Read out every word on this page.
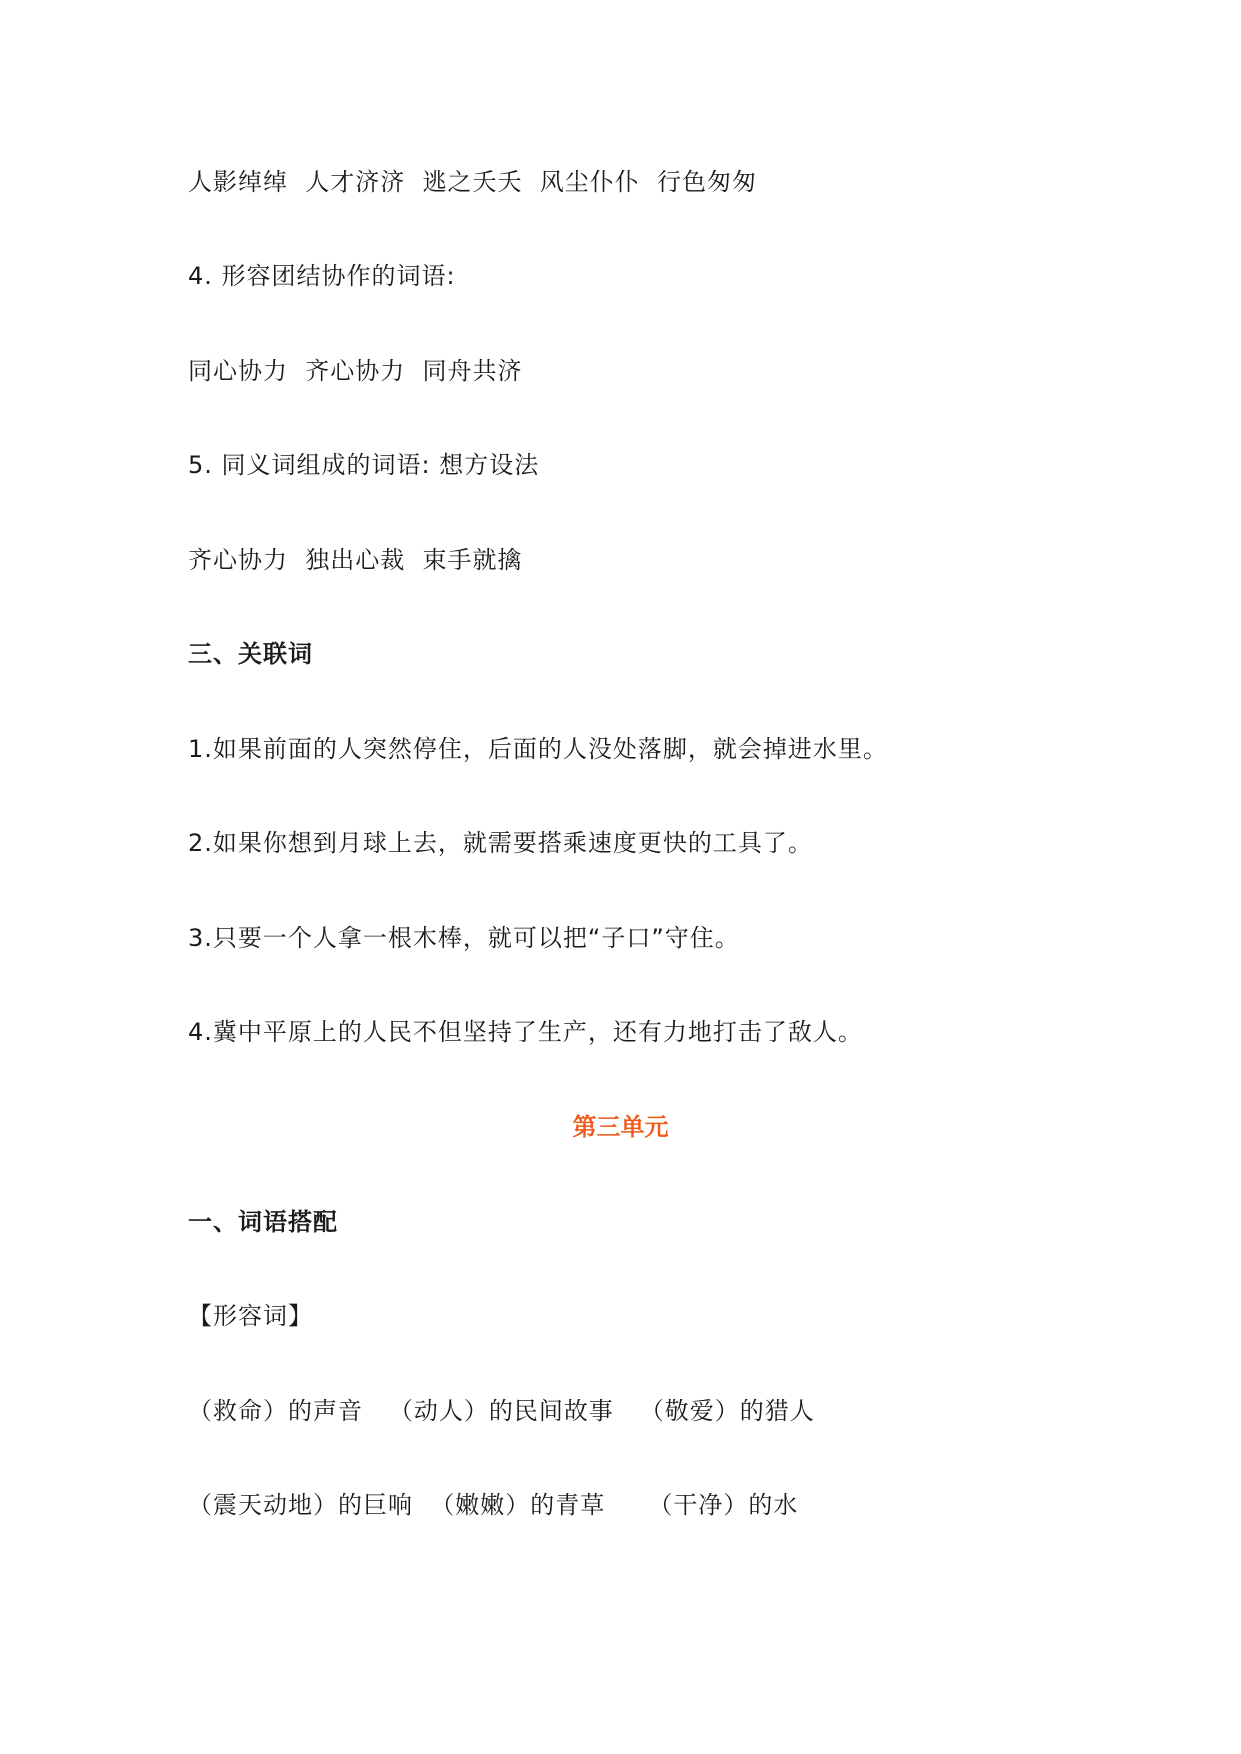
人影绰绰  人才济济  逃之夭夭  风尘仆仆  行色匆匆
4. 形容团结协作的词语:
同心协力  齐心协力  同舟共济
5. 同义词组成的词语: 想方设法
齐心协力  独出心裁  束手就擒
三、关联词
1.如果前面的人突然停住，后面的人没处落脚，就会掉进水里。
2.如果你想到月球上去，就需要搭乘速度更快的工具了。
3.只要一个人拿一根木棒，就可以把“子口”守住。
4.冀中平原上的人民不但坚持了生产，还有力地打击了敌人。
第三单元
一、词语搭配
【形容词】
（救命）的声音   （动人）的民间故事   （敬爱）的猎人
（震天动地）的巨响  （嫩嫩）的青草     （干净）的水
